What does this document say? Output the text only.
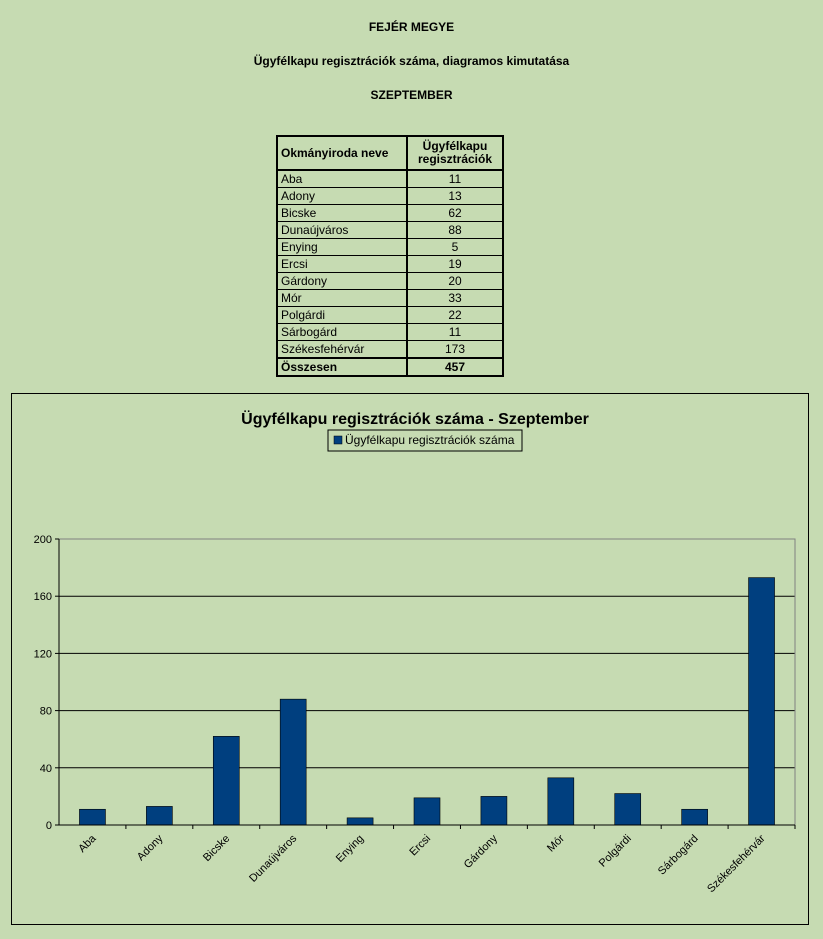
FEJÉR MEGYE
Ügyfélkapu regisztrációk száma, diagramos kimutatása
SZEPTEMBER
Okmányiroda neve	Ügyfélkapu
regisztrációk
Aba	11
Adony	13
Bicske	62
Dunaújváros	88
Enying	5
Ercsi	19
Gárdony	20
Mór	33
Polgárdi	22
Sárbogárd	11
Székesfehérvár	173
Összesen	457
Ügyfélkapu regisztrációk száma - Szeptember
Ügyfélkapu regisztrációk száma
0
40
80
120
160
200
Aba	Adony	Bicske Dunaújváros	Enying	Ercsi	Gárdony	Mór	Polgárdi Sárbogárd Székesfehérvár
